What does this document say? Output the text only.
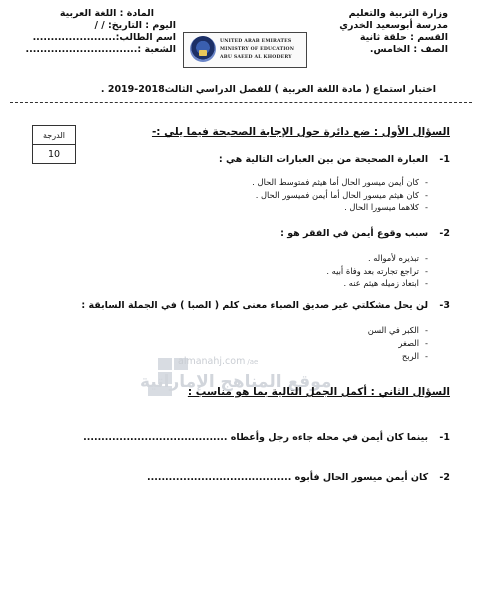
وزارة التربية والتعليم
مدرسة أبوسعيد الخدري
القسم : حلقة ثانية
الصف : الخامس.
المادة : اللغة العربية
اليوم : التاريخ: / /
اسم الطالب:.......................
الشعبة :...............................
UNITED ARAB EMIRATES
MINISTRY OF EDUCATION
ABU SAEED AL KHODERY
اختبار استماع ( مادة اللغة العربية ) للفصل الدراسي الثالث2018-2019 .
الدرجة
10
السؤال الأول : ضع دائرة حول الإجابة الصحيحة فيما يلي :-
1- العبارة الصحيحة من بين العبارات التالية هي :
- كان أيمن ميسور الحال أما هيثم فمتوسط الحال .
- كان هيثم ميسور الحال أما أيمن فميسور الحال .
- كلاهما ميسورا الحال .
2- سبب وقوع أيمن في الفقر هو :
- تبذيره لأمواله .
- تراجع تجارته بعد وفاة أبيه .
- ابتعاد زميله هيثم عنه .
3- لن يحل مشكلتي غير صديق الصباء معنى كلم ( الصبا ) في الجملة السابقة :
- الكبر في السن
- الصغر
- الربح
almanahj.com /ae
موقع المناهج الإماراتية
السؤال الثاني : أكمل الجمل التالية بما هو مناسب :
1- بينما كان أيمن في محله جاءه رجل وأعطاه ........................................
2- كان أيمن ميسور الحال فأبوه ........................................
